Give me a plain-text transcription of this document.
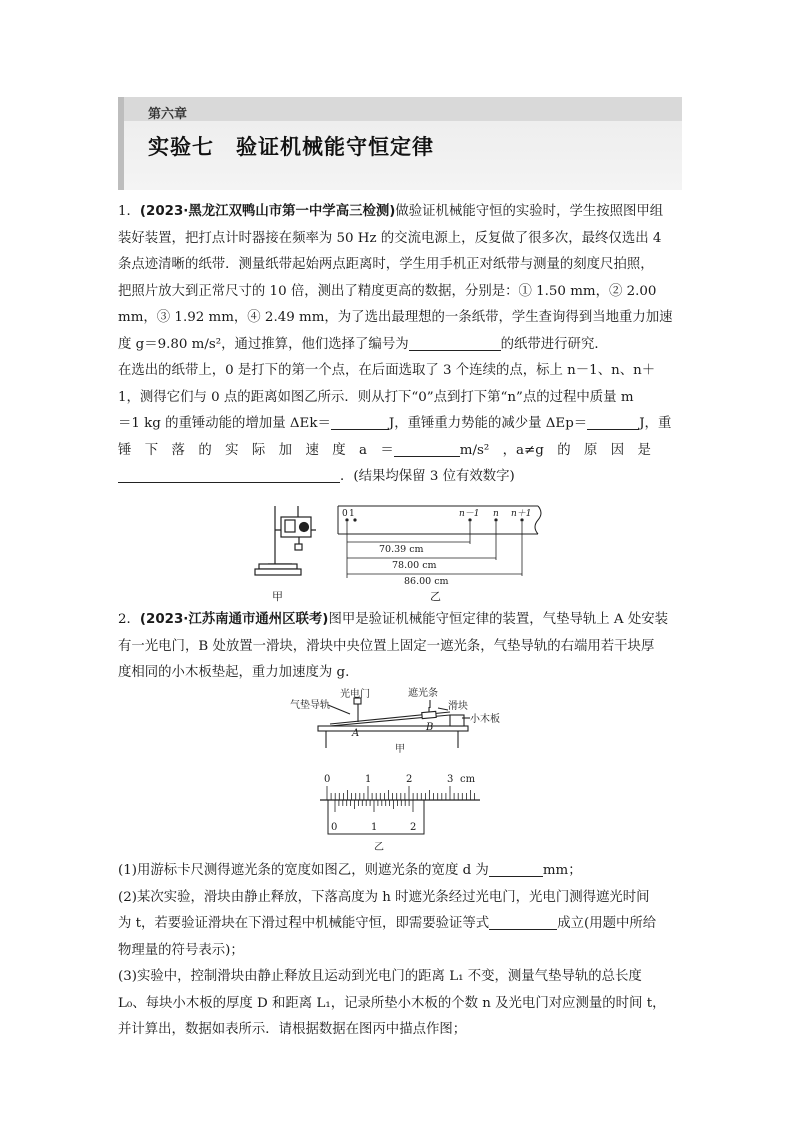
第六章
实验七 验证机械能守恒定律

1．(2023·黑龙江双鸭山市第一中学高三检测)做验证机械能守恒的实验时，学生按照图甲组

装好装置，把打点计时器接在频率为 50 Hz 的交流电源上，反复做了很多次，最终仅选出 4

条点迹清晰的纸带．测量纸带起始两点距离时，学生用手机正对纸带与测量的刻度尺拍照，

把照片放大到正常尺寸的 10 倍，测出了精度更高的数据，分别是：① 1.50 mm，② 2.00

mm，③ 1.92 mm，④ 2.49 mm，为了选出最理想的一条纸带，学生查询得到当地重力加速

度 g＝9.80 m/s²，通过推算，他们选择了编号为	的纸带进行研究．

在选出的纸带上，0 是打下的第一个点，在后面选取了 3 个连续的点，标上 n－1、n、n＋

1，测得它们与 0 点的距离如图乙所示．则从打下“0”点到打下第“n”点的过程中质量 m

＝1 kg 的重锤动能的增加量 ΔEk＝	J，重锤重力势能的减少量 ΔEp＝	J，重

锤　下　落　的　实　际　加　速　度　a　＝	m/s²　，a≠g　的　原　因　是

．(结果均保留 3 位有效数字)

甲
0 1	n－1 n n＋1
70.39 cm
78.00 cm
86.00 cm
乙

2．(2023·江苏南通市通州区联考)图甲是验证机械能守恒定律的装置，气垫导轨上 A 处安装

有一光电门，B 处放置一滑块，滑块中央位置上固定一遮光条，气垫导轨的右端用若干块厚

度相同的小木板垫起，重力加速度为 g.

气垫导轨
光电门	遮光条
滑块
小木板
A
B
甲
0	1	2	3 cm
0	1	2
乙

(1)用游标卡尺测得遮光条的宽度如图乙，则遮光条的宽度 d 为	mm；

(2)某次实验，滑块由静止释放，下落高度为 h 时遮光条经过光电门，光电门测得遮光时间

为 t，若要验证滑块在下滑过程中机械能守恒，即需要验证等式	成立(用题中所给

物理量的符号表示)；

(3)实验中，控制滑块由静止释放且运动到光电门的距离 L₁ 不变，测量气垫导轨的总长度

L₀、每块小木板的厚度 D 和距离 L₁，记录所垫小木板的个数 n 及光电门对应测量的时间 t，

并计算出，数据如表所示．请根据数据在图丙中描点作图；
